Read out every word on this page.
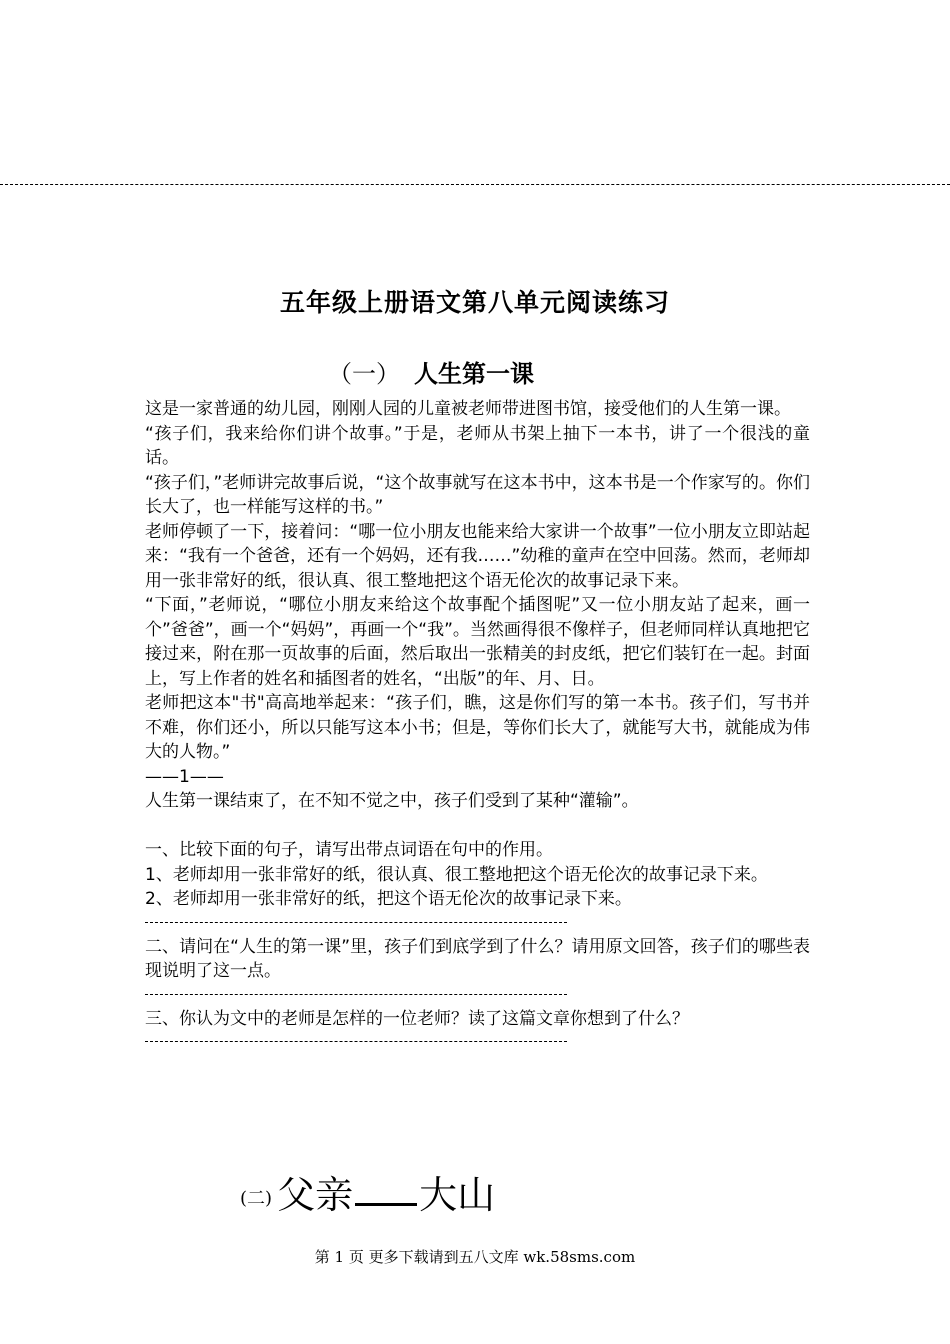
五年级上册语文第八单元阅读练习
（一） 人生第一课

这是一家普通的幼儿园，刚刚人园的儿童被老师带进图书馆，接受他们的人生第一课。

“孩子们，我来给你们讲个故事。”于是，老师从书架上抽下一本书，讲了一个很浅的童话。

“孩子们，”老师讲完故事后说，“这个故事就写在这本书中，这本书是一个作家写的。你们长大了，也一样能写这样的书。”

老师停顿了一下，接着问：“哪一位小朋友也能来给大家讲一个故事”一位小朋友立即站起来：“我有一个爸爸，还有一个妈妈，还有我……”幼稚的童声在空中回荡。然而，老师却用一张非常好的纸，很认真、很工整地把这个语无伦次的故事记录下来。

“下面，”老师说，“哪位小朋友来给这个故事配个插图呢”又一位小朋友站了起来，画一个”爸爸”，画一个“妈妈”，再画一个“我”。当然画得很不像样子，但老师同样认真地把它接过来，附在那一页故事的后面，然后取出一张精美的封皮纸，把它们装钉在一起。封面上，写上作者的姓名和插图者的姓名，“出版”的年、月、日。

老师把这本"书"高高地举起来：“孩子们，瞧，这是你们写的第一本书。孩子们，写书并不难，你们还小，所以只能写这本小书；但是，等你们长大了，就能写大书，就能成为伟大的人物。”

——1——

人生第一课结束了，在不知不觉之中，孩子们受到了某种“灌输”。

一、比较下面的句子，请写出带点词语在句中的作用。

1、老师却用一张非常好的纸，很认真、很工整地把这个语无伦次的故事记录下来。

2、老师却用一张非常好的纸，把这个语无伦次的故事记录下来。

二、请问在“人生的第一课”里，孩子们到底学到了什么？请用原文回答，孩子们的哪些表现说明了这一点。

三、你认为文中的老师是怎样的一位老师？读了这篇文章你想到了什么？

(二) 父亲 大山
第 1 页 更多下载请到五八文库 wk.58sms.com
